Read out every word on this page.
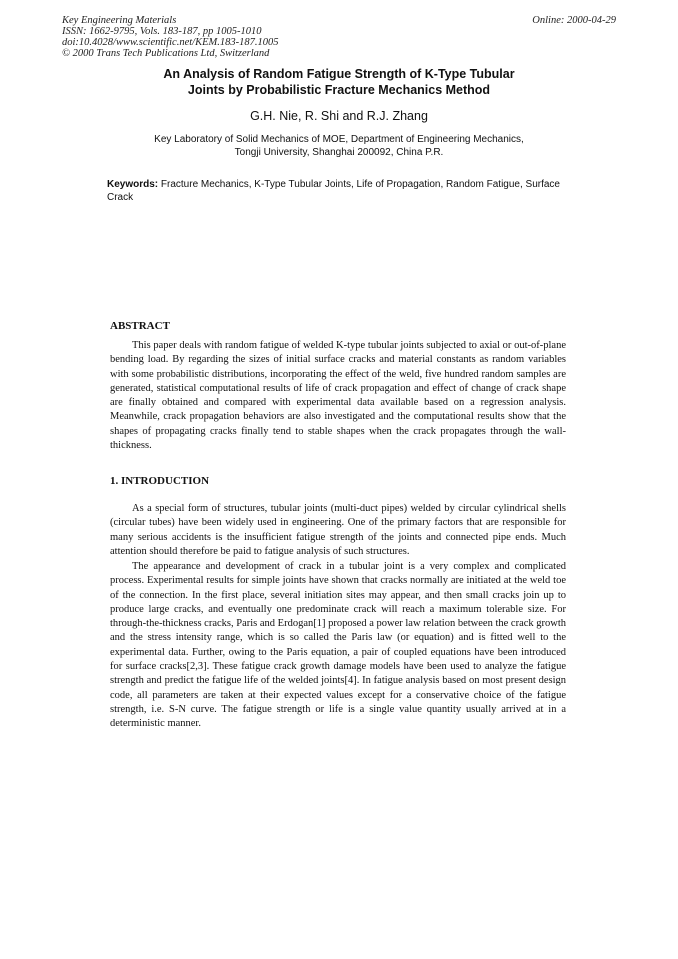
Key Engineering Materials
ISSN: 1662-9795, Vols. 183-187, pp 1005-1010
doi:10.4028/www.scientific.net/KEM.183-187.1005
© 2000 Trans Tech Publications Ltd, Switzerland
Online: 2000-04-29
An Analysis of Random Fatigue Strength of K-Type Tubular
Joints by Probabilistic Fracture Mechanics Method
G.H. Nie, R. Shi and R.J. Zhang
Key Laboratory of Solid Mechanics of MOE, Department of Engineering Mechanics,
Tongji University, Shanghai 200092, China P.R.
Keywords: Fracture Mechanics, K-Type Tubular Joints, Life of Propagation, Random Fatigue, Surface Crack
ABSTRACT

This paper deals with random fatigue of welded K-type tubular joints subjected to axial or out-of-plane bending load. By regarding the sizes of initial surface cracks and material constants as random variables with some probabilistic distributions, incorporating the effect of the weld, five hundred random samples are generated, statistical computational results of life of crack propagation and effect of change of crack shape are finally obtained and compared with experimental data available based on a regression analysis. Meanwhile, crack propagation behaviors are also investigated and the computational results show that the shapes of propagating cracks finally tend to stable shapes when the crack propagates through the wall-thickness.

1. INTRODUCTION

As a special form of structures, tubular joints (multi-duct pipes) welded by circular cylindrical shells (circular tubes) have been widely used in engineering. One of the primary factors that are responsible for many serious accidents is the insufficient fatigue strength of the joints and connected pipe ends. Much attention should therefore be paid to fatigue analysis of such structures.

The appearance and development of crack in a tubular joint is a very complex and complicated process. Experimental results for simple joints have shown that cracks normally are initiated at the weld toe of the connection. In the first place, several initiation sites may appear, and then small cracks join up to produce large cracks, and eventually one predominate crack will reach a maximum tolerable size. For through-the-thickness cracks, Paris and Erdogan[1] proposed a power law relation between the crack growth and the stress intensity range, which is so called the Paris law (or equation) and is fitted well to the experimental data. Further, owing to the Paris equation, a pair of coupled equations have been introduced for surface cracks[2,3]. These fatigue crack growth damage models have been used to analyze the fatigue strength and predict the fatigue life of the welded joints[4]. In fatigue analysis based on most present design code, all parameters are taken at their expected values except for a conservative choice of the fatigue strength, i.e. S-N curve. The fatigue strength or life is a single value quantity usually arrived at in a deterministic manner.
